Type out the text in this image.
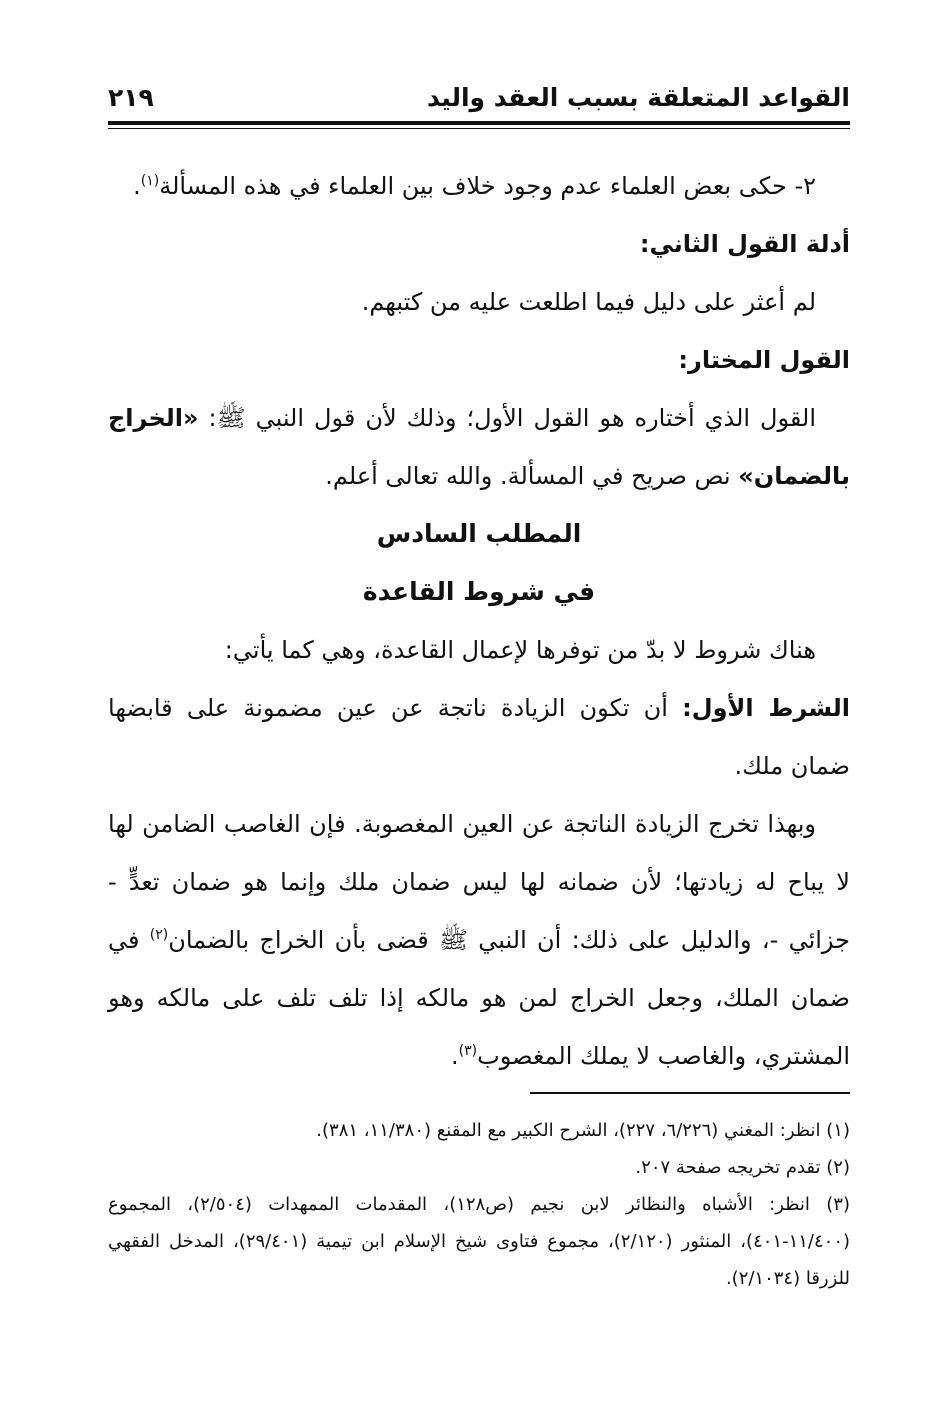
القواعد المتعلقة بسبب العقد واليد
٢١٩

٢- حكى بعض العلماء عدم وجود خلاف بين العلماء في هذه المسألة$^{(١)}$.

أدلة القول الثاني:

لم أعثر على دليل فيما اطلعت عليه من كتبهم.

القول المختار:

القول الذي أختاره هو القول الأول؛ وذلك لأن قول النبي ﷺ: «الخراج بالضمان» نص صريح في المسألة. والله تعالى أعلم.

المطلب السادس

في شروط القاعدة

هناك شروط لا بدّ من توفرها لإعمال القاعدة، وهي كما يأتي:

الشرط الأول: أن تكون الزيادة ناتجة عن عين مضمونة على قابضها ضمان ملك.

وبهذا تخرج الزيادة الناتجة عن العين المغصوبة. فإن الغاصب الضامن لها لا يباح له زيادتها؛ لأن ضمانه لها ليس ضمان ملك وإنما هو ضمان تعدٍّ - جزائي -، والدليل على ذلك: أن النبي ﷺ قضى بأن الخراج بالضمان$^{(٢)}$ في ضمان الملك، وجعل الخراج لمن هو مالكه إذا تلف تلف على مالكه وهو المشتري، والغاصب لا يملك المغصوب$^{(٣)}$.

(١) انظر: المغني (٦/٢٢٦، ٢٢٧)، الشرح الكبير مع المقنع (١١/٣٨٠، ٣٨١).

(٢) تقدم تخريجه صفحة ٢٠٧.

(٣) انظر: الأشباه والنظائر لابن نجيم (ص١٢٨)، المقدمات الممهدات (٢/٥٠٤)، المجموع (١١/٤٠٠-٤٠١)، المنثور (٢/١٢٠)، مجموع فتاوى شيخ الإسلام ابن تيمية (٢٩/٤٠١)، المدخل الفقهي للزرقا (٢/١٠٣٤).
